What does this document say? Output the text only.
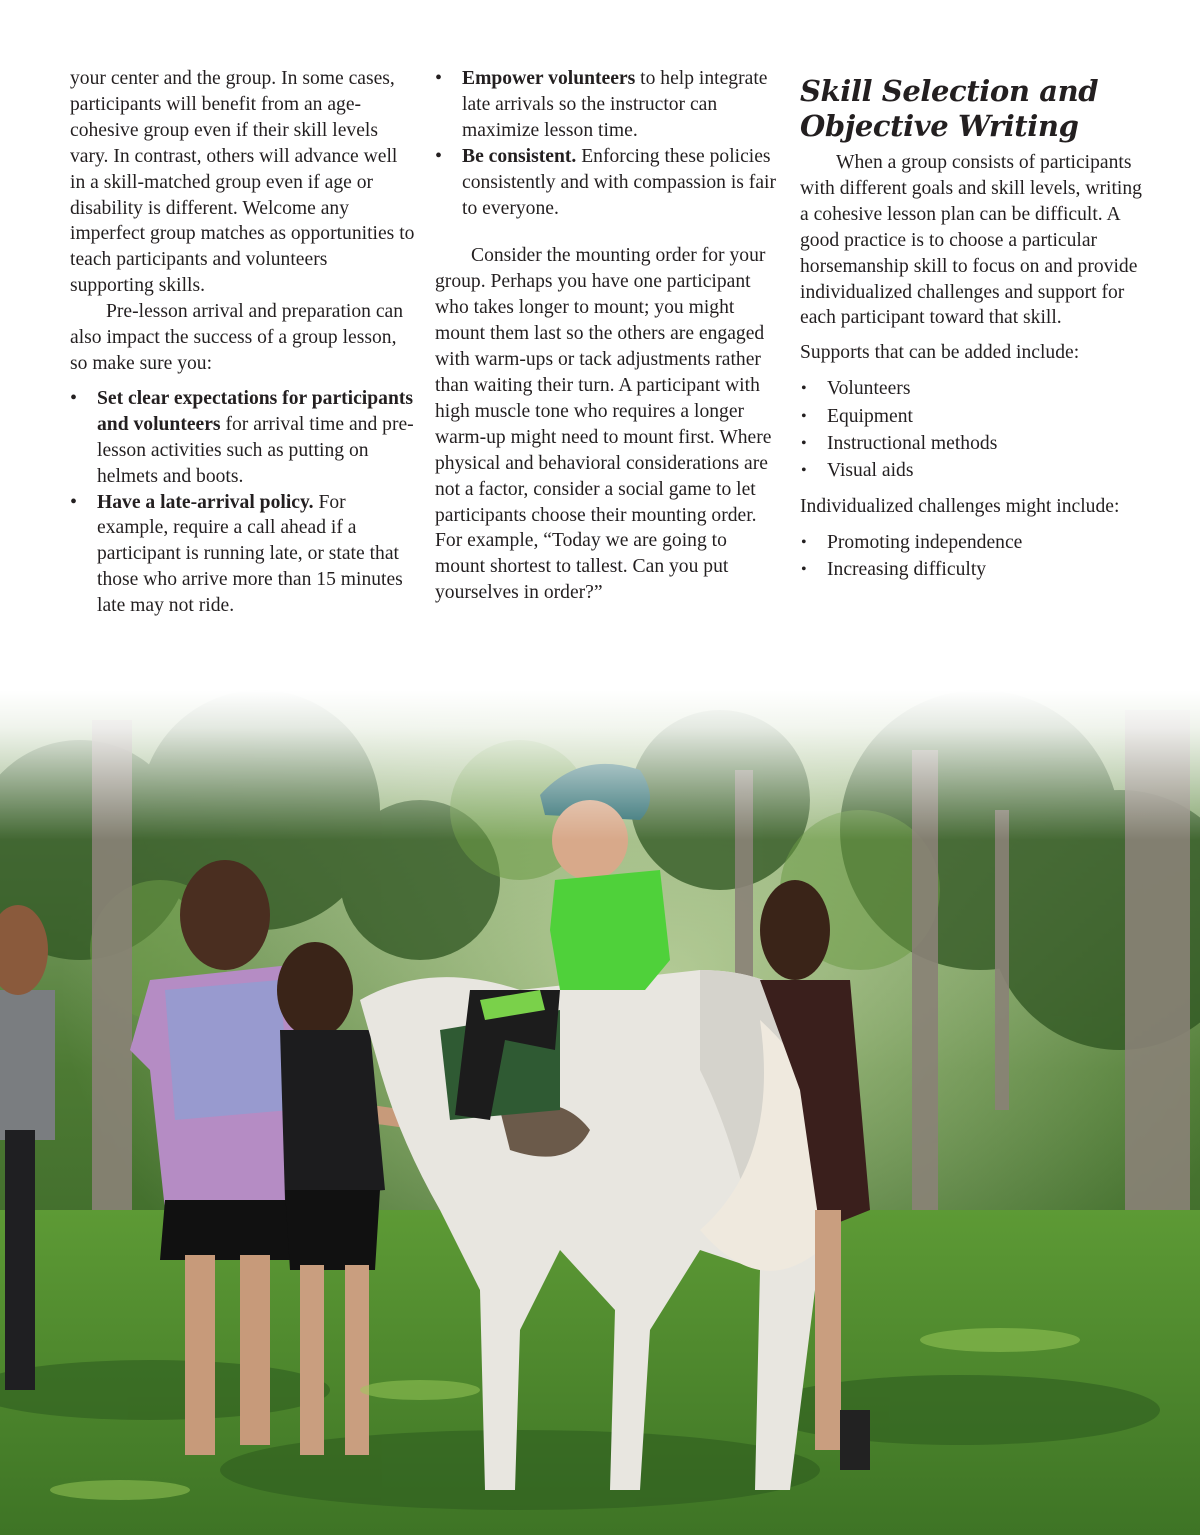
your center and the group. In some cases, participants will benefit from an age-cohesive group even if their skill levels vary. In contrast, others will advance well in a skill-matched group even if age or disability is different. Welcome any imperfect group matches as opportunities to teach participants and volunteers supporting skills.

Pre-lesson arrival and preparation can also impact the success of a group lesson, so make sure you:

• Set clear expectations for participants and volunteers for arrival time and pre-lesson activities such as putting on helmets and boots.
• Have a late-arrival policy. For example, require a call ahead if a participant is running late, or state that those who arrive more than 15 minutes late may not ride.
• Empower volunteers to help integrate late arrivals so the instructor can maximize lesson time.
• Be consistent. Enforcing these policies consistently and with compassion is fair to everyone.

Consider the mounting order for your group. Perhaps you have one participant who takes longer to mount; you might mount them last so the others are engaged with warm-ups or tack adjustments rather than waiting their turn. A participant with high muscle tone who requires a longer warm-up might need to mount first. Where physical and behavioral considerations are not a factor, consider a social game to let participants choose their mounting order. For example, “Today we are going to mount shortest to tallest. Can you put yourselves in order?”

Skill Selection and Objective Writing

When a group consists of participants with different goals and skill levels, writing a cohesive lesson plan can be difficult. A good practice is to choose a particular horsemanship skill to focus on and provide individualized challenges and support for each participant toward that skill.

Supports that can be added include:

• Volunteers
• Equipment
• Instructional methods
• Visual aids

Individualized challenges might include:

• Promoting independence
• Increasing difficulty
